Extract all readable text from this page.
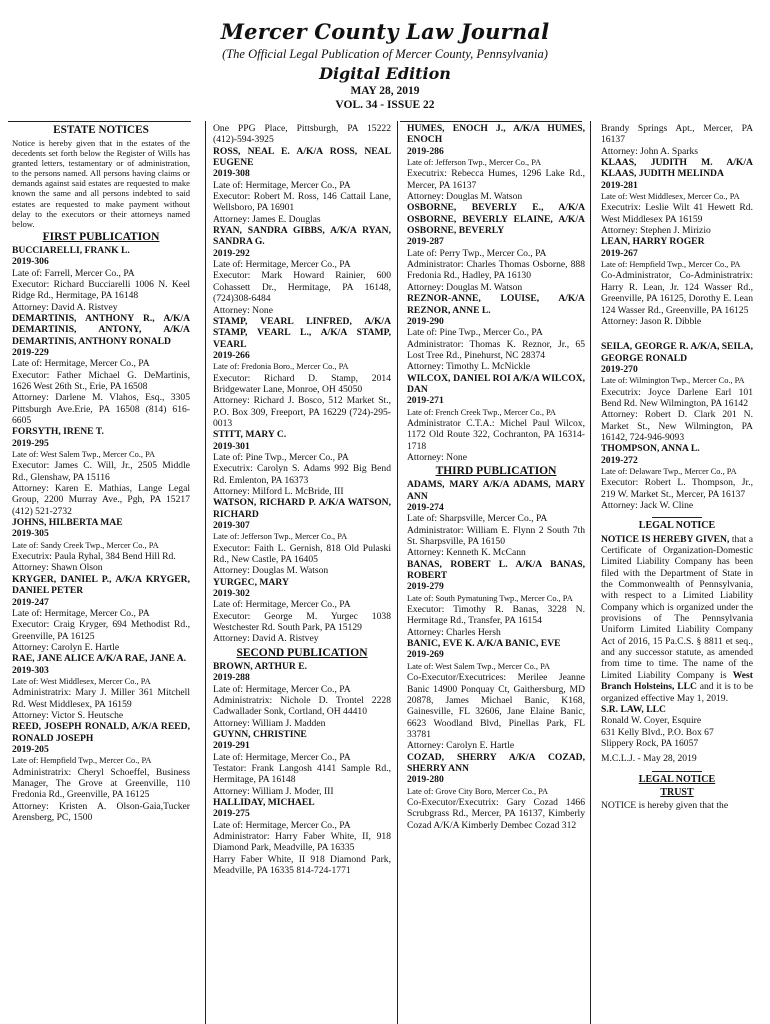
Mercer County Law Journal
(The Official Legal Publication of Mercer County, Pennsylvania)
Digital Edition
MAY 28, 2019
VOL. 34 - ISSUE 22
ESTATE NOTICES

Notice is hereby given that in the estates of the decedents set forth below the Register of Wills has granted letters, testamentary or of administration, to the persons named. All persons having claims or demands against said estates are requested to make known the same and all persons indebted to said estates are requested to make payment without delay to the executors or their attorneys named below.

FIRST PUBLICATION

BUCCIARELLI, FRANK L.

2019-306

Late of: Farrell, Mercer Co., PA

Executor: Richard Bucciarelli 1006 N. Keel Ridge Rd., Hermitage, PA 16148

Attorney: David A. Ristvey

DEMARTINIS, ANTHONY R., A/K/A DEMARTINIS, ANTONY, A/K/A DEMARTINIS, ANTHONY RONALD

2019-229

Late of: Hermitage, Mercer Co., PA

Executor: Father Michael G. DeMartinis, 1626 West 26th St., Erie, PA 16508

Attorney: Darlene M. Vlahos, Esq., 3305 Pittsburgh Ave.Erie, PA 16508 (814) 616-6605

FORSYTH, IRENE T.

2019-295

Late of: West Salem Twp., Mercer Co., PA

Executor: James C. Will, Jr., 2505 Middle Rd., Glenshaw, PA 15116

Attorney: Karen E. Mathias, Lange Legal Group, 2200 Murray Ave., Pgh, PA 15217 (412) 521-2732

JOHNS, HILBERTA MAE

2019-305

Late of: Sandy Creek Twp., Mercer Co., PA

Executrix: Paula Ryhal, 384 Bend Hill Rd.

Attorney: Shawn Olson

KRYGER, DANIEL P., A/K/A KRYGER, DANIEL PETER

2019-247

Late of: Hermitage, Mercer Co., PA

Executor: Craig Kryger, 694 Methodist Rd., Greenville, PA 16125

Attorney: Carolyn E. Hartle

RAE, JANE ALICE A/K/A RAE, JANE A.

2019-303

Late of: West Middlesex, Mercer Co., PA

Administratrix: Mary J. Miller 361 Mitchell Rd. West Middlesex, PA 16159

Attorney: Victor S. Heutsche

REED, JOSEPH RONALD, A/K/A REED, RONALD JOSEPH

2019-205

Late of: Hempfield Twp., Mercer Co., PA

Administratrix: Cheryl Schoeffel, Business Manager, The Grove at Greenville, 110 Fredonia Rd., Greenville, PA 16125

Attorney: Kristen A. Olson-Gaia,Tucker Arensberg, PC, 1500

One PPG Place, Pittsburgh, PA 15222 (412)-594-3925

ROSS, NEAL E. A/K/A ROSS, NEAL EUGENE

2019-308

Late of: Hermitage, Mercer Co., PA

Executor: Robert M. Ross, 146 Cattail Lane, Wellsboro, PA 16901

Attorney: James E. Douglas

RYAN, SANDRA GIBBS, A/K/A RYAN, SANDRA G.

2019-292

Late of: Hermitage, Mercer Co., PA

Executor: Mark Howard Rainier, 600 Cohassett Dr., Hermitage, PA 16148, (724)308-6484

Attorney: None

STAMP, VEARL LINFRED, A/K/A STAMP, VEARL L., A/K/A STAMP, VEARL

2019-266

Late of: Fredonia Boro., Mercer Co., PA

Executor: Richard D. Stamp, 2014 Bridgewater Lane, Monroe, OH 45050

Attorney: Richard J. Bosco, 512 Market St., P.O. Box 309, Freeport, PA 16229 (724)-295-0013

STITT, MARY C.

2019-301

Late of: Pine Twp., Mercer Co., PA

Executrix: Carolyn S. Adams 992 Big Bend Rd. Emlenton, PA 16373

Attorney: Milford L. McBride, III

WATSON, RICHARD P. A/K/A WATSON, RICHARD

2019-307

Late of: Jefferson Twp., Mercer Co., PA

Executor: Faith L. Gernish, 818 Old Pulaski Rd., New Castle, PA 16405

Attorney: Douglas M. Watson

YURGEC, MARY

2019-302

Late of: Hermitage, Mercer Co., PA

Executor: George M. Yurgec 1038 Westchester Rd. South Park, PA 15129

Attorney: David A. Ristvey

SECOND PUBLICATION

BROWN, ARTHUR E.

2019-288

Late of: Hermitage, Mercer Co., PA

Administratrix: Nichole D. Trontel 2228 Cadwallader Sonk, Cortland, OH 44410

Attorney: William J. Madden

GUYNN, CHRISTINE

2019-291

Late of: Hermitage, Mercer Co., PA

Testator: Frank Langosh 4141 Sample Rd., Hermitage, PA 16148

Attorney: William J. Moder, III

HALLIDAY, MICHAEL

2019-275

Late of: Hermitage, Mercer Co., PA

Administrator: Harry Faber White, II, 918 Diamond Park, Meadville, PA 16335

Harry Faber White, II 918 Diamond Park, Meadville, PA 16335 814-724-1771

HUMES, ENOCH J., A/K/A HUMES, ENOCH

2019-286

Late of: Jefferson Twp., Mercer Co., PA

Executrix: Rebecca Humes, 1296 Lake Rd., Mercer, PA 16137

Attorney: Douglas M. Watson

OSBORNE, BEVERLY E., A/K/A OSBORNE, BEVERLY ELAINE, A/K/A OSBORNE, BEVERLY

2019-287

Late of: Perry Twp., Mercer Co., PA

Administrator: Charles Thomas Osborne, 888 Fredonia Rd., Hadley, PA 16130

Attorney: Douglas M. Watson

REZNOR-ANNE, LOUISE, A/K/A REZNOR, ANNE L.

2019-290

Late of: Pine Twp., Mercer Co., PA

Administrator: Thomas K. Reznor, Jr., 65 Lost Tree Rd., Pinehurst, NC 28374

Attorney: Timothy L. McNickle

WILCOX, DANIEL ROI A/K/A WILCOX, DAN

2019-271

Late of: French Creek Twp., Mercer Co., PA

Administrator C.T.A.: Michel Paul Wilcox, 1172 Old Route 322, Cochranton, PA 16314-1718

Attorney: None

THIRD PUBLICATION

ADAMS, MARY A/K/A ADAMS, MARY ANN

2019-274

Late of: Sharpsville, Mercer Co., PA

Administrator: William E. Flynn 2 South 7th St. Sharpsville, PA 16150

Attorney: Kenneth K. McCann

BANAS, ROBERT L. A/K/A BANAS, ROBERT

2019-279

Late of: South Pymatuning Twp., Mercer Co., PA

Executor: Timothy R. Banas, 3228 N. Hermitage Rd., Transfer, PA 16154

Attorney: Charles Hersh

BANIC, EVE K. A/K/A BANIC, EVE

2019-269

Late of: West Salem Twp., Mercer Co., PA

Co-Executor/Executrices: Merilee Jeanne Banic 14900 Ponquay Ct, Gaithersburg, MD 20878, James Michael Banic, K168, Gainesville, FL 32606, Jane Elaine Banic, 6623 Woodland Blvd, Pinellas Park, FL 33781

Attorney: Carolyn E. Hartle

COZAD, SHERRY A/K/A COZAD, SHERRY ANN

2019-280

Late of: Grove City Boro, Mercer Co., PA

Co-Executor/Executrix: Gary Cozad 1466 Scrubgrass Rd., Mercer, PA 16137, Kimberly Cozad A/K/A Kimberly Dembec Cozad 312

Brandy Springs Apt., Mercer, PA 16137

Attorney: John A. Sparks

KLAAS, JUDITH M. A/K/A KLAAS, JUDITH MELINDA

2019-281

Late of: West Middlesex, Mercer Co., PA

Executrix: Leslie Wilt 41 Hewett Rd. West Middlesex PA 16159

Attorney: Stephen J. Mirizio

LEAN, HARRY ROGER

2019-267

Late of: Hempfield Twp., Mercer Co., PA

Co-Administrator, Co-Administratrix: Harry R. Lean, Jr. 124 Wasser Rd., Greenville, PA 16125, Dorothy E. Lean 124 Wasser Rd., Greenville, PA 16125

Attorney: Jason R. Dibble

SEILA, GEORGE R. A/K/A, SEILA, GEORGE RONALD

2019-270

Late of: Wilmington Twp., Mercer Co., PA

Executrix: Joyce Darlene Earl 101 Bend Rd. New Wilmington, PA 16142

Attorney: Robert D. Clark 201 N. Market St., New Wilmington, PA 16142, 724-946-9093

THOMPSON, ANNA L.

2019-272

Late of: Delaware Twp., Mercer Co., PA

Executor: Robert L. Thompson, Jr., 219 W. Market St., Mercer, PA 16137

Attorney: Jack W. Cline

LEGAL NOTICE

NOTICE IS HEREBY GIVEN, that a Certificate of Organization-Domestic Limited Liability Company has been filed with the Department of State in the Commonwealth of Pennsylvania, with respect to a Limited Liability Company which is organized under the provisions of The Pennsylvania Uniform Limited Liability Company Act of 2016, 15 Pa.C.S. § 8811 et seq., and any successor statute, as amended from time to time. The name of the Limited Liability Company is West Branch Holsteins, LLC and it is to be organized effective May 1, 2019.

S.R. LAW, LLC

Ronald W. Coyer, Esquire

631 Kelly Blvd., P.O. Box 67

Slippery Rock, PA 16057

M.C.L.J. - May 28, 2019

LEGAL NOTICE
TRUST

NOTICE is hereby given that the
